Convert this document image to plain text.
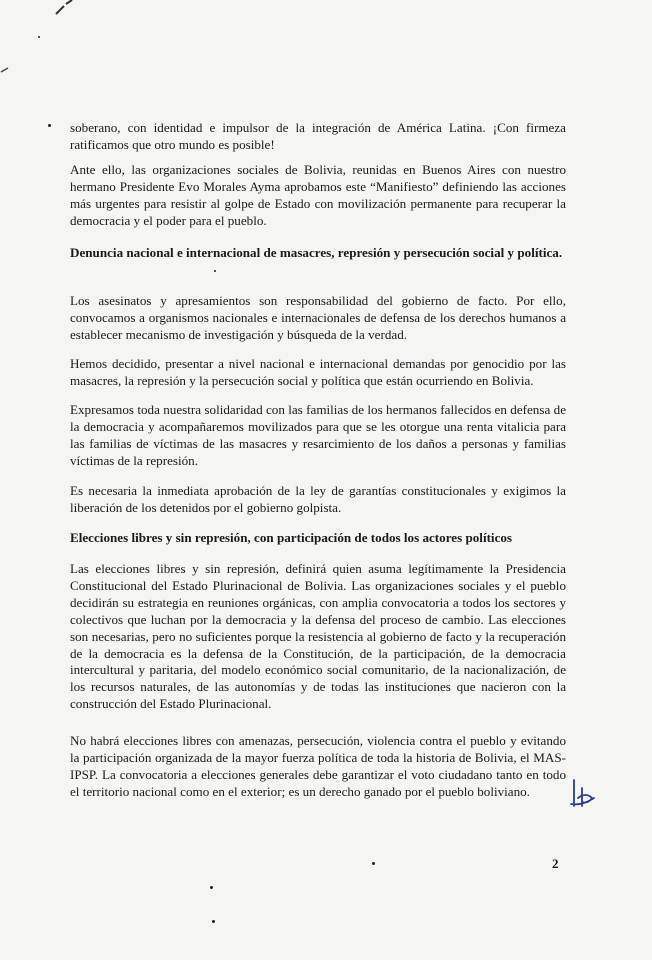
soberano, con identidad e impulsor de la integración de América Latina. ¡Con firmeza ratificamos que otro mundo es posible!

Ante ello, las organizaciones sociales de Bolivia, reunidas en Buenos Aires con nuestro hermano Presidente Evo Morales Ayma aprobamos este “Manifiesto” definiendo las acciones más urgentes para resistir al golpe de Estado con movilización permanente para recuperar la democracia y el poder para el pueblo.

Denuncia nacional e internacional de masacres, represión y persecución social y política.

Los asesinatos y apresamientos son responsabilidad del gobierno de facto. Por ello, convocamos a organismos nacionales e internacionales de defensa de los derechos humanos a establecer mecanismo de investigación y búsqueda de la verdad.

Hemos decidido, presentar a nivel nacional e internacional demandas por genocidio por las masacres, la represión y la persecución social y política que están ocurriendo en Bolivia.

Expresamos toda nuestra solidaridad con las familias de los hermanos fallecidos en defensa de la democracia y acompañaremos movilizados para que se les otorgue una renta vitalicia para las familias de víctimas de las masacres y resarcimiento de los daños a personas y familias víctimas de la represión.

Es necesaria la inmediata aprobación de la ley de garantías constitucionales y exigimos la liberación de los detenidos por el gobierno golpista.

Elecciones libres y sin represión, con participación de todos los actores políticos

Las elecciones libres y sin represión, definirá quien asuma legítimamente la Presidencia Constitucional del Estado Plurinacional de Bolivia. Las organizaciones sociales y el pueblo decidirán su estrategia en reuniones orgánicas, con amplia convocatoria a todos los sectores y colectivos que luchan por la democracia y la defensa del proceso de cambio. Las elecciones son necesarias, pero no suficientes porque la resistencia al gobierno de facto y la recuperación de la democracia es la defensa de la Constitución, de la participación, de la democracia intercultural y paritaria, del modelo económico social comunitario, de la nacionalización, de los recursos naturales, de las autonomías y de todas las instituciones que nacieron con la construcción del Estado Plurinacional.

No habrá elecciones libres con amenazas, persecución, violencia contra el pueblo y evitando la participación organizada de la mayor fuerza política de toda la historia de Bolivia, el MAS-IPSP. La convocatoria a elecciones generales debe garantizar el voto ciudadano tanto en todo el territorio nacional como en el exterior; es un derecho ganado por el pueblo boliviano.

2
